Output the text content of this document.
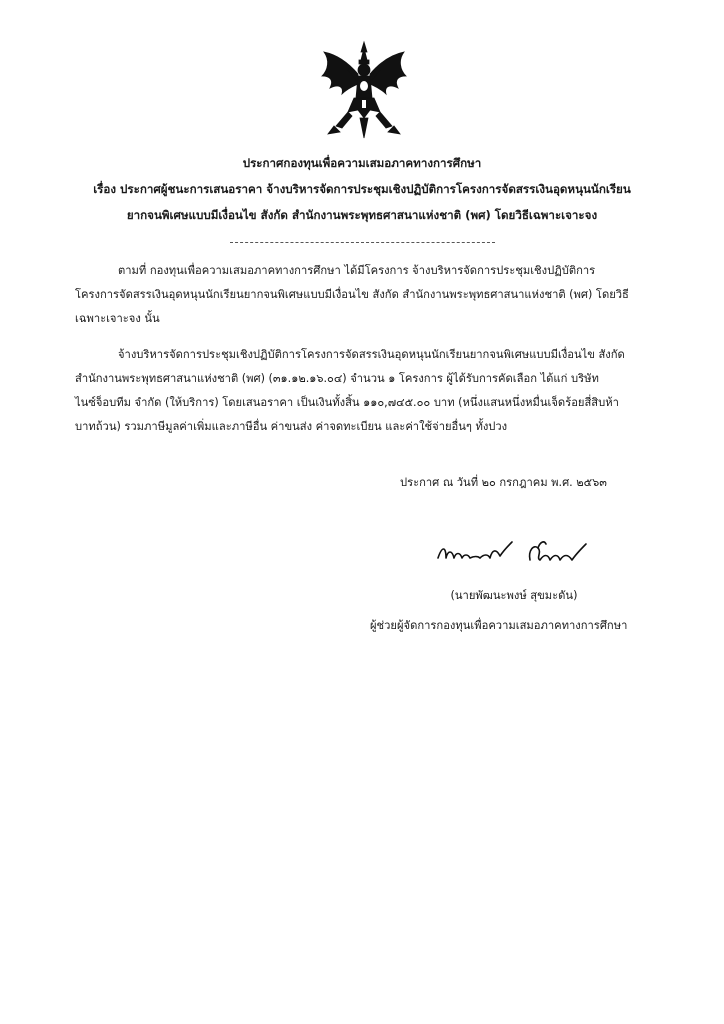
ประกาศกองทุนเพื่อความเสมอภาคทางการศึกษา
เรื่อง ประกาศผู้ชนะการเสนอราคา จ้างบริหารจัดการประชุมเชิงปฏิบัติการโครงการจัดสรรเงินอุดหนุนนักเรียน
ยากจนพิเศษแบบมีเงื่อนไข สังกัด สำนักงานพระพุทธศาสนาแห่งชาติ (พศ) โดยวิธีเฉพาะเจาะจง
ตามที่ กองทุนเพื่อความเสมอภาคทางการศึกษา ได้มีโครงการ จ้างบริหารจัดการประชุมเชิงปฏิบัติการ
โครงการจัดสรรเงินอุดหนุนนักเรียนยากจนพิเศษแบบมีเงื่อนไข สังกัด สำนักงานพระพุทธศาสนาแห่งชาติ (พศ) โดยวิธี
เฉพาะเจาะจง นั้น
จ้างบริหารจัดการประชุมเชิงปฏิบัติการโครงการจัดสรรเงินอุดหนุนนักเรียนยากจนพิเศษแบบมีเงื่อนไข สังกัด
สำนักงานพระพุทธศาสนาแห่งชาติ (พศ) (๓๑.๑๒.๑๖.๐๔) จำนวน ๑ โครงการ ผู้ได้รับการคัดเลือก ได้แก่ บริษัท
ไนซ์จ็อบทีม จำกัด (ให้บริการ) โดยเสนอราคา เป็นเงินทั้งสิ้น ๑๑๐,๗๔๕.๐๐ บาท (หนึ่งแสนหนึ่งหมื่นเจ็ดร้อยสี่สิบห้า
บาทถ้วน) รวมภาษีมูลค่าเพิ่มและภาษีอื่น ค่าขนส่ง ค่าจดทะเบียน และค่าใช้จ่ายอื่นๆ ทั้งปวง
ประกาศ ณ วันที่ ๒๐ กรกฎาคม พ.ศ. ๒๕๖๓
(นายพัฒนะพงษ์ สุขมะดัน)
ผู้ช่วยผู้จัดการกองทุนเพื่อความเสมอภาคทางการศึกษา
